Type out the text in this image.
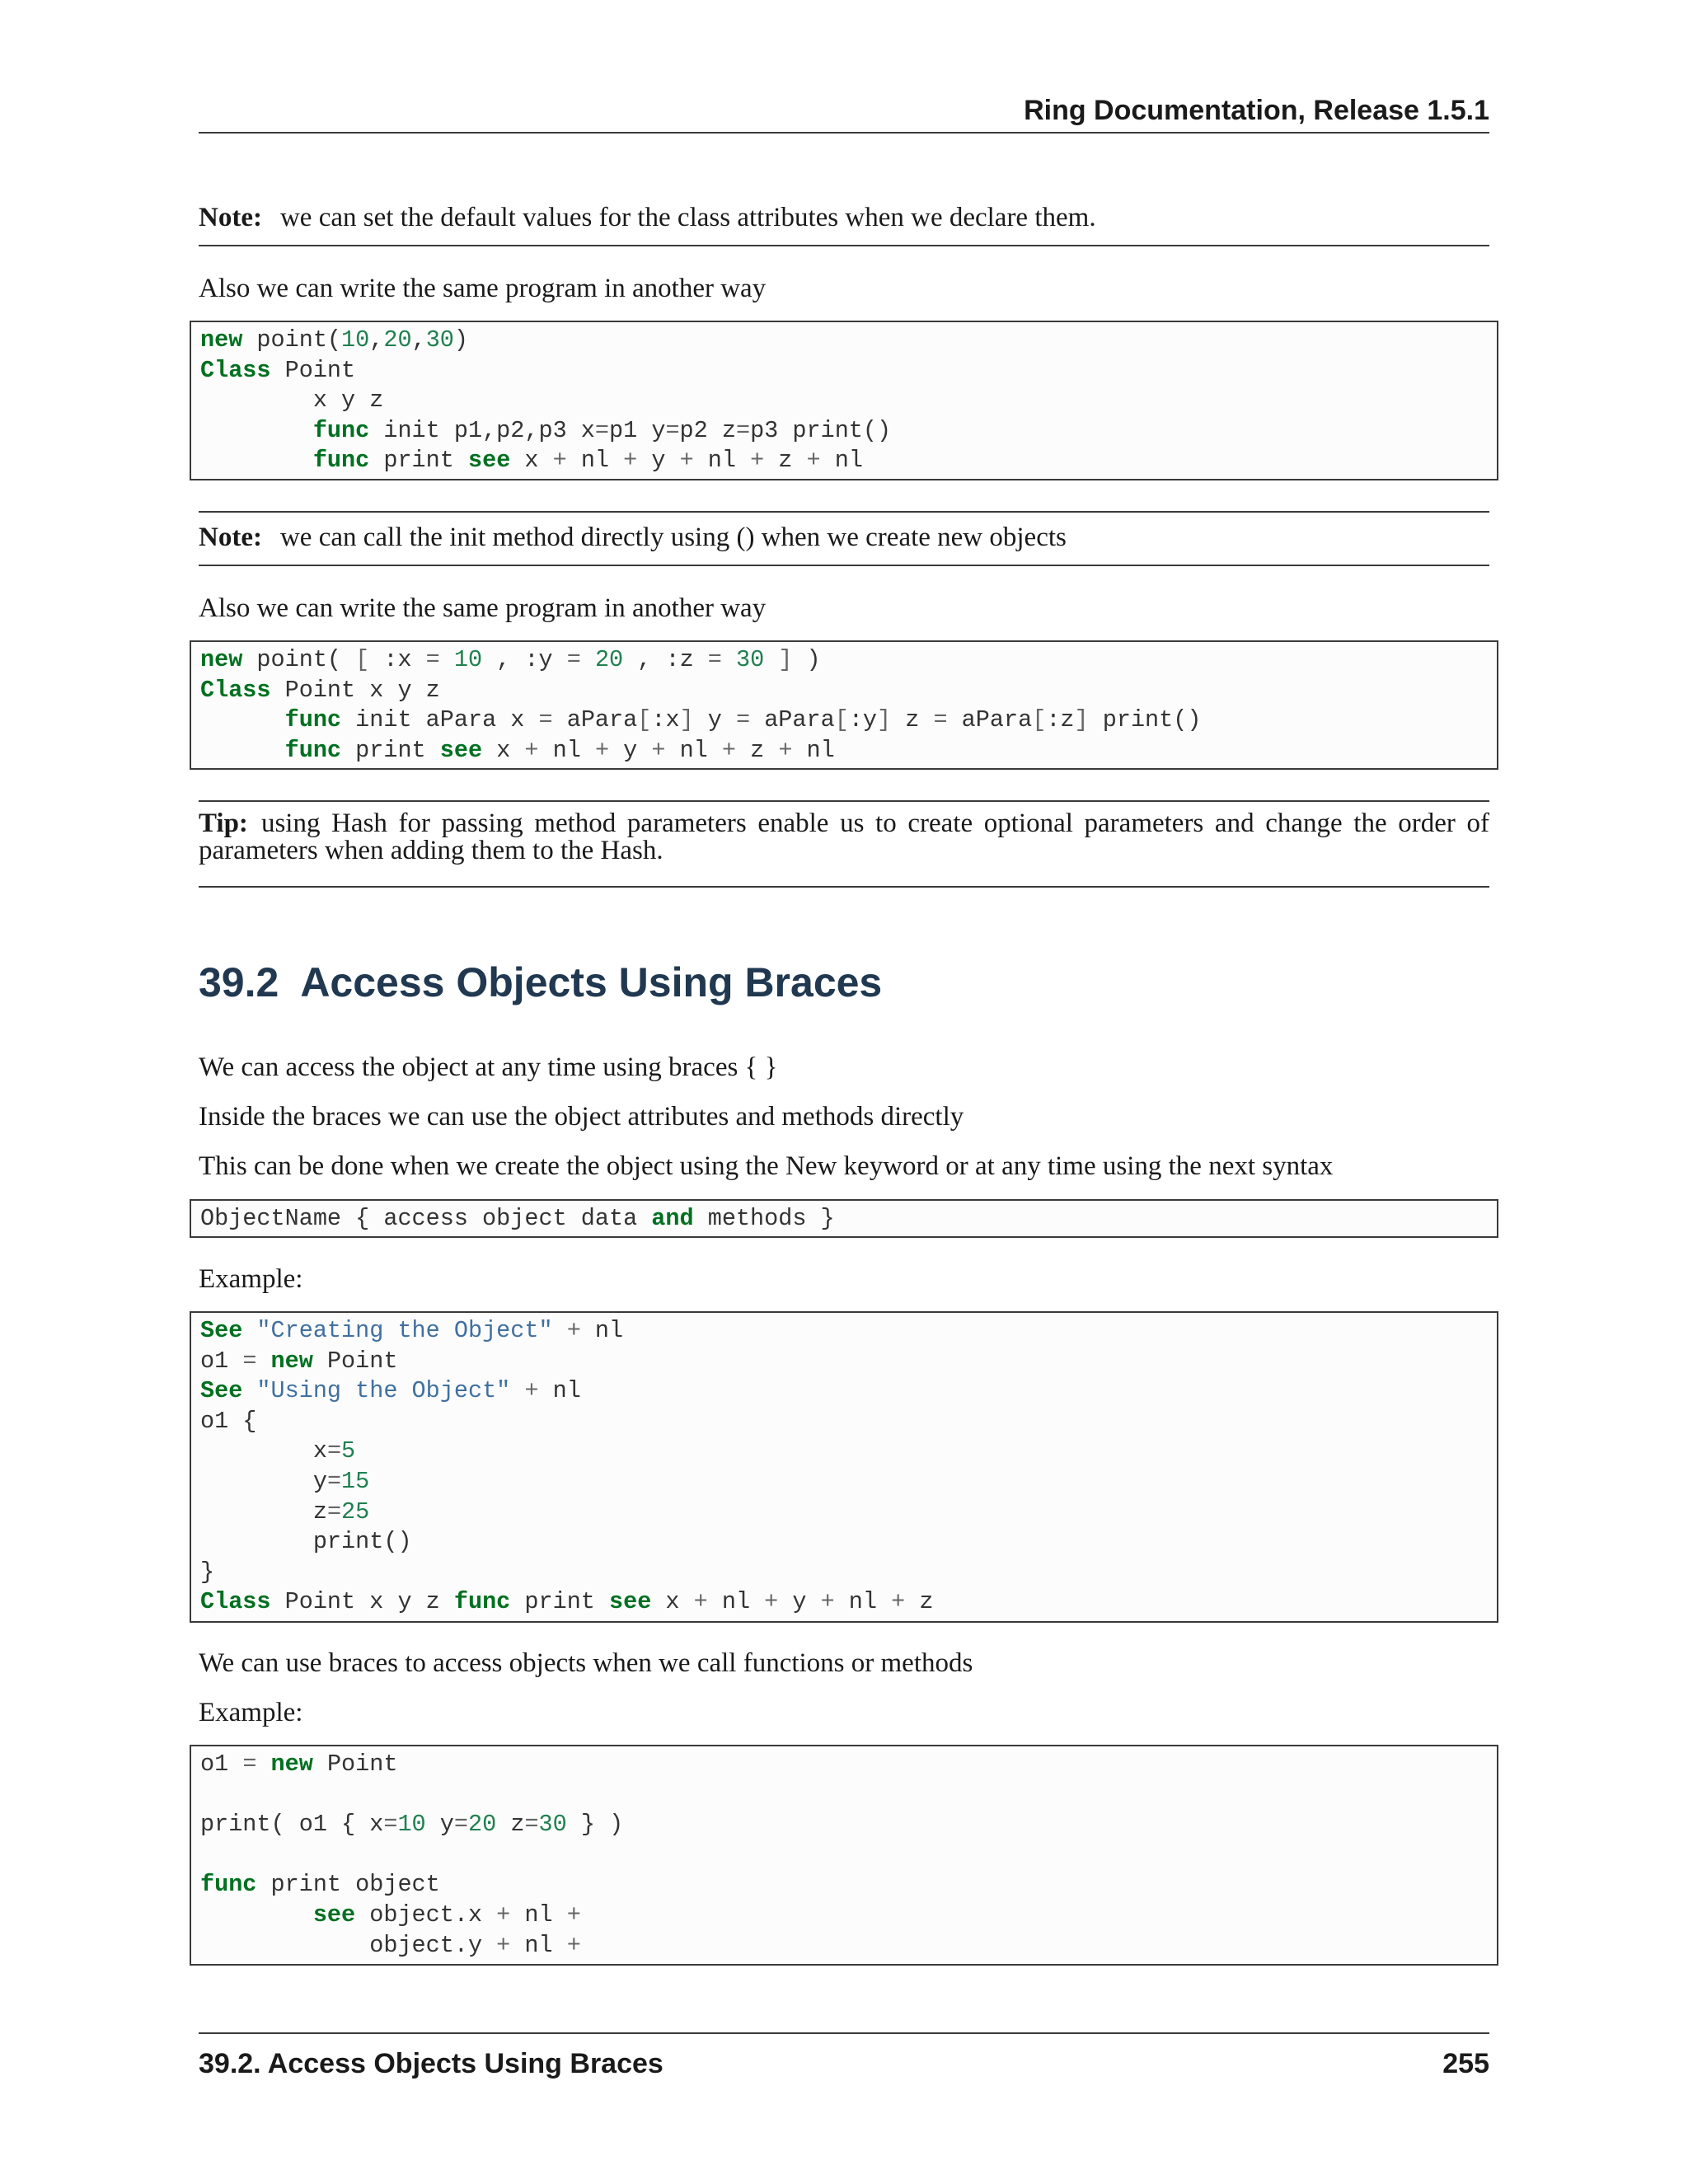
Ring Documentation, Release 1.5.1
Note: we can set the default values for the class attributes when we declare them.
Also we can write the same program in another way
new point(10,20,30)
Class Point
x y z
func init p1,p2,p3 x=p1 y=p2 z=p3 print()
func print see x + nl + y + nl + z + nl
Note: we can call the init method directly using () when we create new objects
Also we can write the same program in another way
new point( [ :x = 10 , :y = 20 , :z = 30 ] )
Class Point x y z
func init aPara x = aPara[:x] y = aPara[:y] z = aPara[:z] print()
func print see x + nl + y + nl + z + nl
Tip: using Hash for passing method parameters enable us to create optional parameters and change the order of parameters when adding them to the Hash.
39.2 Access Objects Using Braces
We can access the object at any time using braces { }
Inside the braces we can use the object attributes and methods directly
This can be done when we create the object using the New keyword or at any time using the next syntax
ObjectName { access object data and methods }
Example:
See "Creating the Object" + nl
o1 = new Point
See "Using the Object" + nl
o1 {
x=5
y=15
z=25
print()
}
Class Point x y z func print see x + nl + y + nl + z
We can use braces to access objects when we call functions or methods
Example:
o1 = new Point
print( o1 { x=10 y=20 z=30 } )
func print object
see object.x + nl +
object.y + nl +
39.2. Access Objects Using Braces	255
